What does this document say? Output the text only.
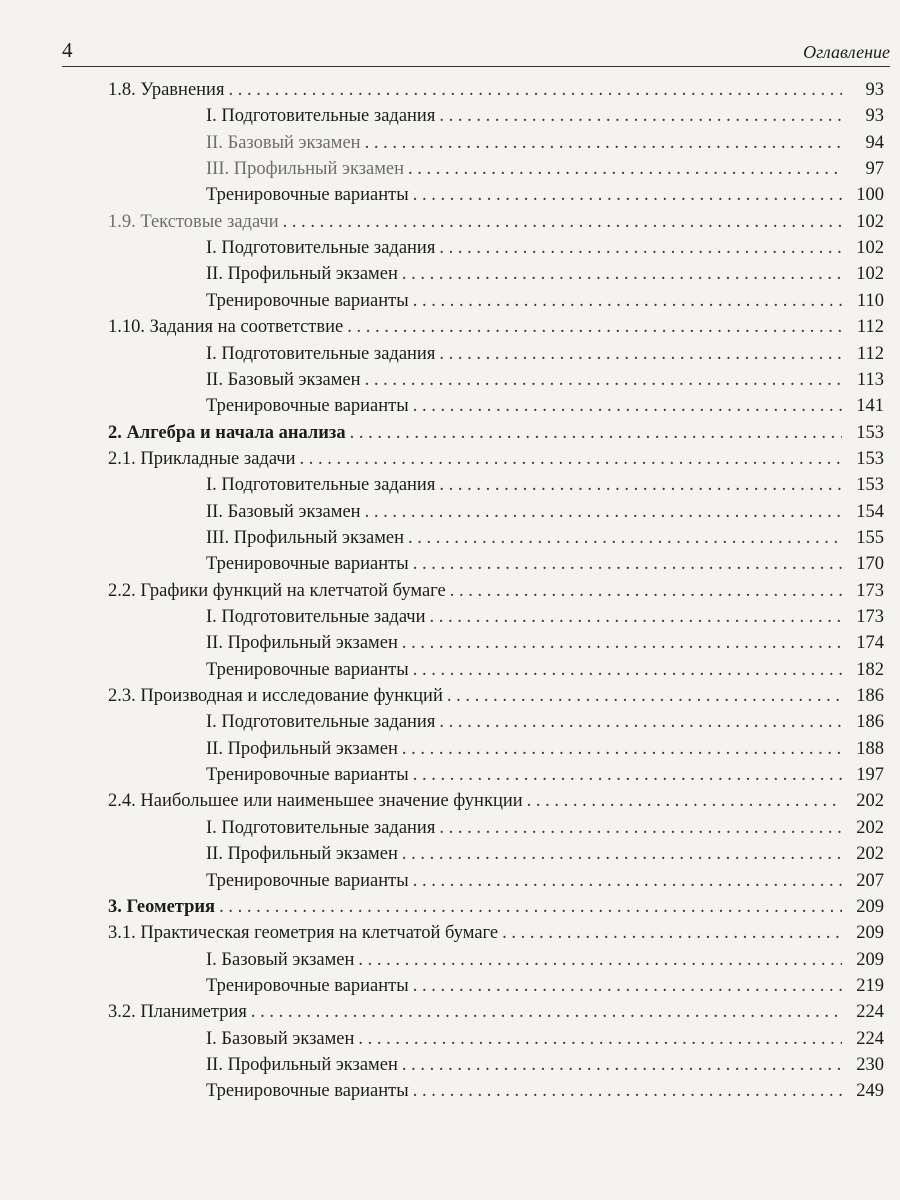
4	Оглавление
1.8. Уравнения . . .	93
I. Подготовительные задания . . .	93
II. Базовый экзамен . . .	94
III. Профильный экзамен . . .	97
Тренировочные варианты . . .	100
1.9. Текстовые задачи . . .	102
I. Подготовительные задания . . .	102
II. Профильный экзамен . . .	102
Тренировочные варианты . . .	110
1.10. Задания на соответствие . . .	112
I. Подготовительные задания . . .	112
II. Базовый экзамен . . .	113
Тренировочные варианты . . .	141
2. Алгебра и начала анализа . . .	153
2.1. Прикладные задачи . . .	153
I. Подготовительные задания . . .	153
II. Базовый экзамен . . .	154
III. Профильный экзамен . . .	155
Тренировочные варианты . . .	170
2.2. Графики функций на клетчатой бумаге . . .	173
I. Подготовительные задачи . . .	173
II. Профильный экзамен . . .	174
Тренировочные варианты . . .	182
2.3. Производная и исследование функций . . .	186
I. Подготовительные задания . . .	186
II. Профильный экзамен . . .	188
Тренировочные варианты . . .	197
2.4. Наибольшее или наименьшее значение функции . . .	202
I. Подготовительные задания . . .	202
II. Профильный экзамен . . .	202
Тренировочные варианты . . .	207
3. Геометрия . . .	209
3.1. Практическая геометрия на клетчатой бумаге . . .	209
I. Базовый экзамен . . .	209
Тренировочные варианты . . .	219
3.2. Планиметрия . . .	224
I. Базовый экзамен . . .	224
II. Профильный экзамен . . .	230
Тренировочные варианты . . .	249
